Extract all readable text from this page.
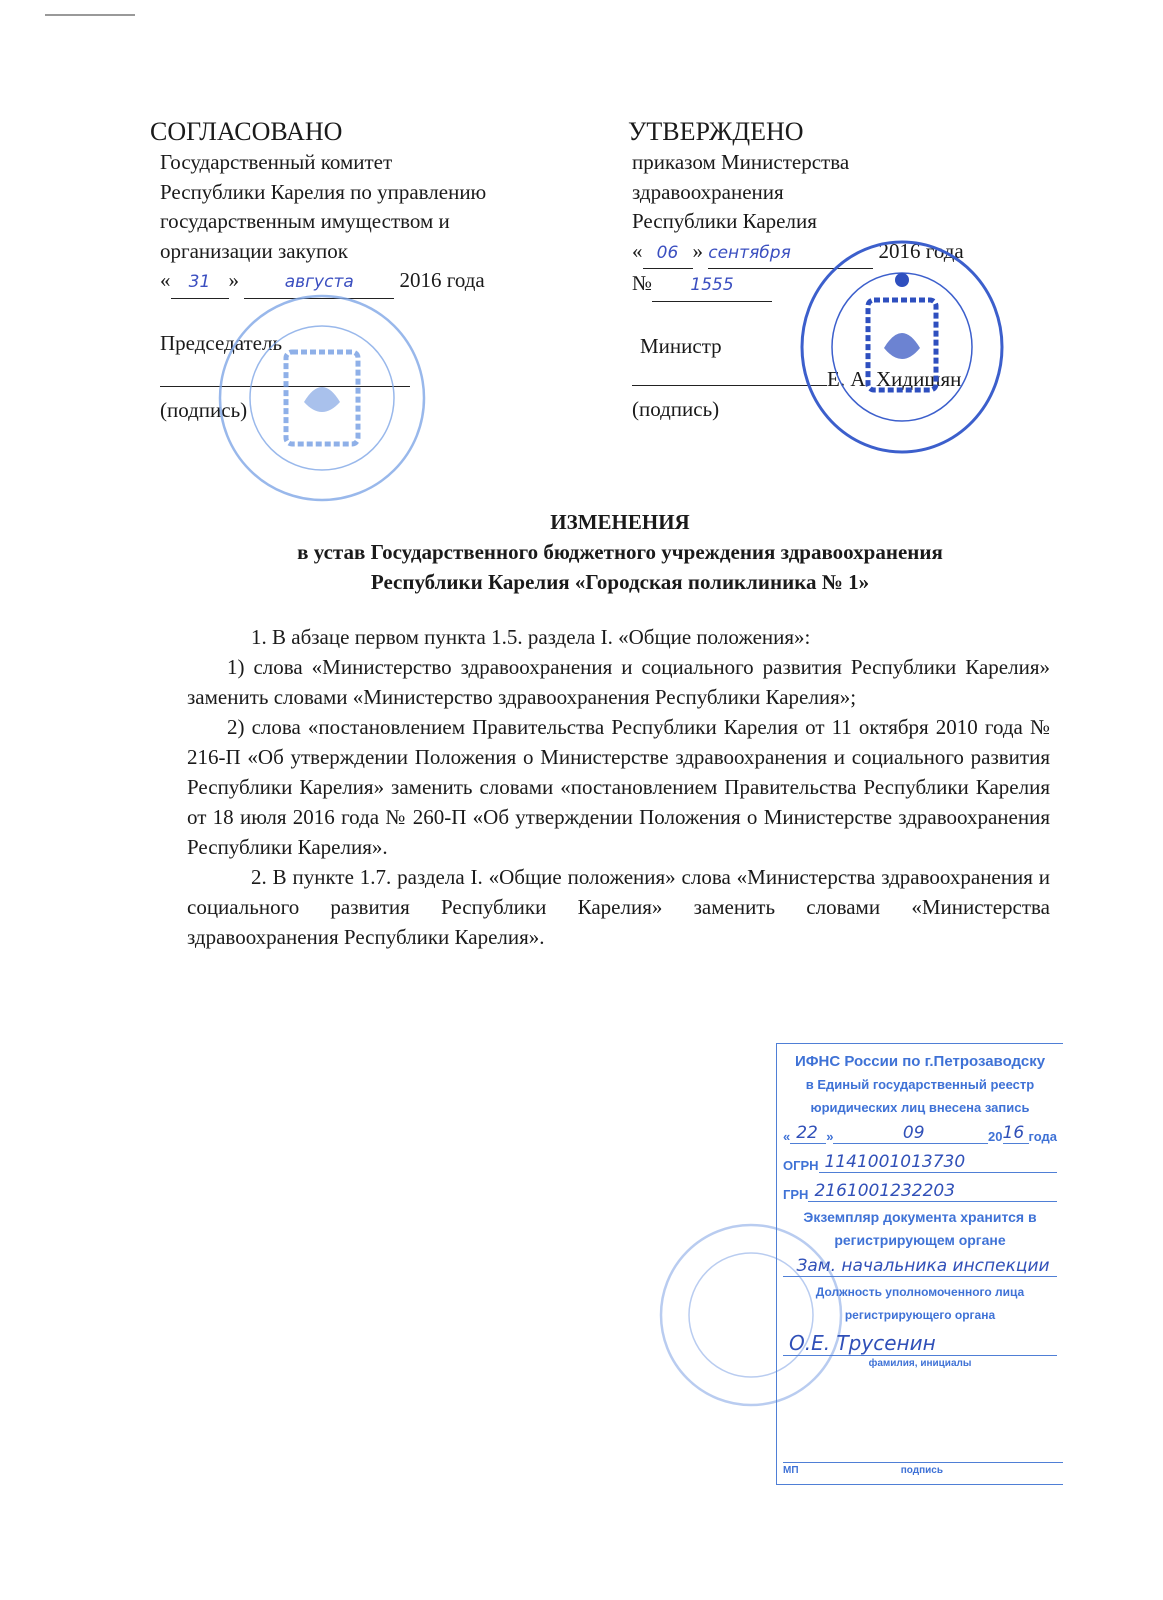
СОГЛАСОВАНО
Государственный комитет
Республики Карелия по управлению
государственным имуществом и
организации закупок
« 31 » августа 2016 года
Председатель
(подпись)
УТВЕРЖДЕНО
приказом Министерства
здравоохранения
Республики Карелия
« 06 » сентября	2016 года
№ 1555
Министр
Е. А. Хидишян
(подпись)
ИЗМЕНЕНИЯ
в устав Государственного бюджетного учреждения здравоохранения
Республики Карелия «Городская поликлиника № 1»

1. В абзаце первом пункта 1.5. раздела I. «Общие положения»:

1) слова «Министерство здравоохранения и социального развития Республики Карелия» заменить словами «Министерство здравоохранения Республики Карелия»;

2) слова «постановлением Правительства Республики Карелия от 11 октября 2010 года № 216-П «Об утверждении Положения о Министерстве здравоохранения и социального развития Республики Карелия» заменить словами «постановлением Правительства Республики Карелия от 18 июля 2016 года № 260-П «Об утверждении Положения о Министерстве здравоохранения Республики Карелия».

2. В пункте 1.7. раздела I. «Общие положения» слова «Министерства здравоохранения и социального развития Республики Карелия» заменить словами «Министерства здравоохранения Республики Карелия».

ИФНС России по г.Петрозаводску
в Единый государственный реестр
юридических лиц внесена запись
« 22 »	09	20 16 года
ОГРН 1141001013730
ГРН 2161001232203
Экземпляр документа хранится в
регистрирующем органе
Зам. начальника инспекции
Должность уполномоченного лица
регистрирующего органа
О.Е. Трусенин
фамилия, инициалы
МП	подпись
